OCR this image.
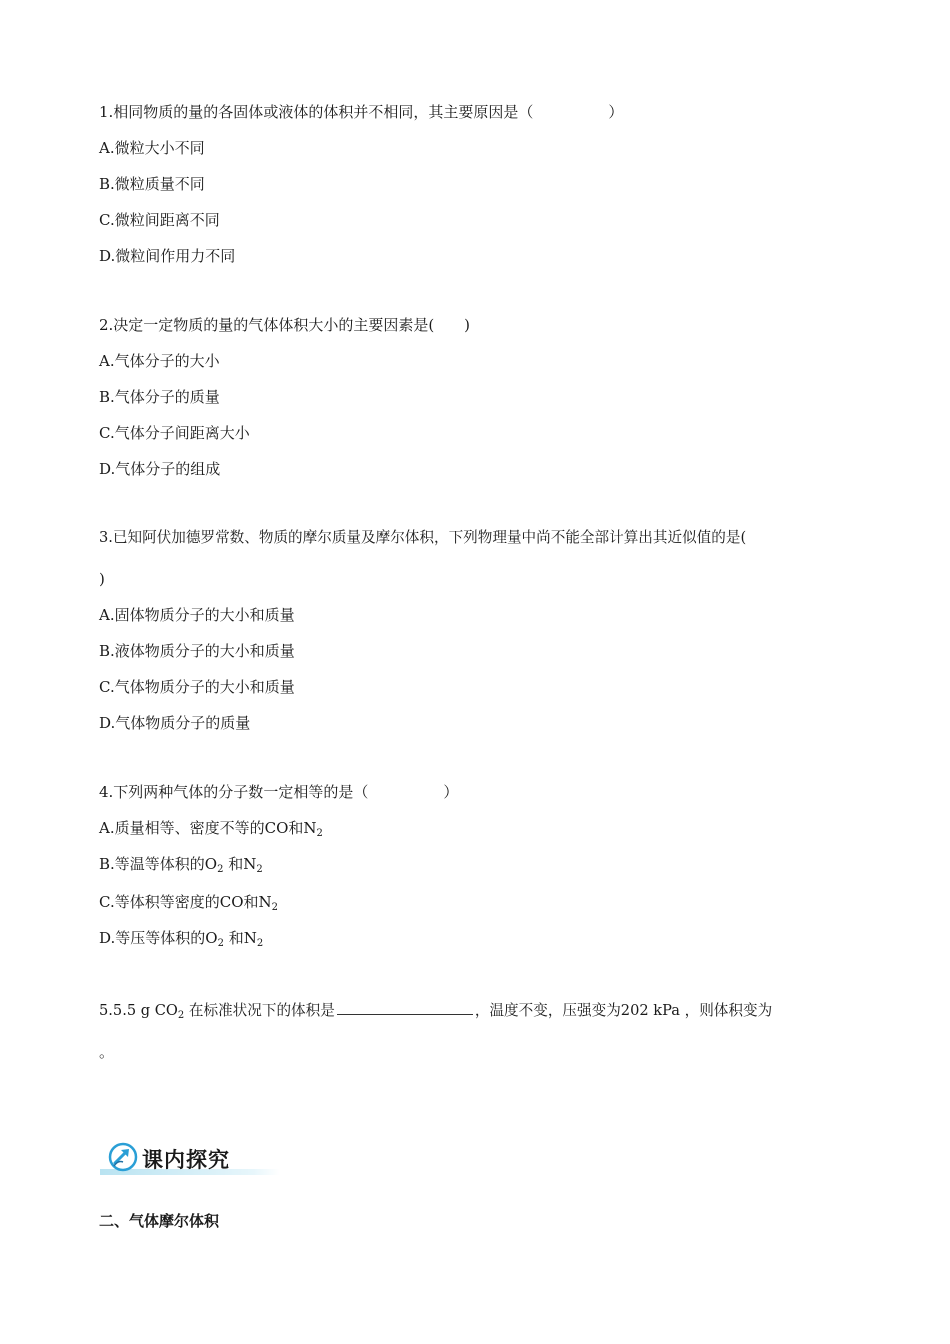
1.相同物质的量的各固体或液体的体积并不相同，其主要原因是（　　　　　）
A.微粒大小不同
B.微粒质量不同
C.微粒间距离不同
D.微粒间作用力不同
2.决定一定物质的量的气体体积大小的主要因素是(　　)
A.气体分子的大小
B.气体分子的质量
C.气体分子间距离大小
D.气体分子的组成
3.已知阿伏加德罗常数、物质的摩尔质量及摩尔体积，下列物理量中尚不能全部计算出其近似值的是(
)
A.固体物质分子的大小和质量
B.液体物质分子的大小和质量
C.气体物质分子的大小和质量
D.气体物质分子的质量
4.下列两种气体的分子数一定相等的是（　　　　　）
A.质量相等、密度不等的CO和$N_2$
B.等温等体积的$O_2$ 和$N_2$
C.等体积等密度的CO和$N_2$
D.等压等体积的$O_2$ 和$N_2$
5.5.5 g $CO_2$ 在标准状况下的体积是	，温度不变，压强变为202 kPa ，则体积变为
。
课内探究
二、气体摩尔体积
